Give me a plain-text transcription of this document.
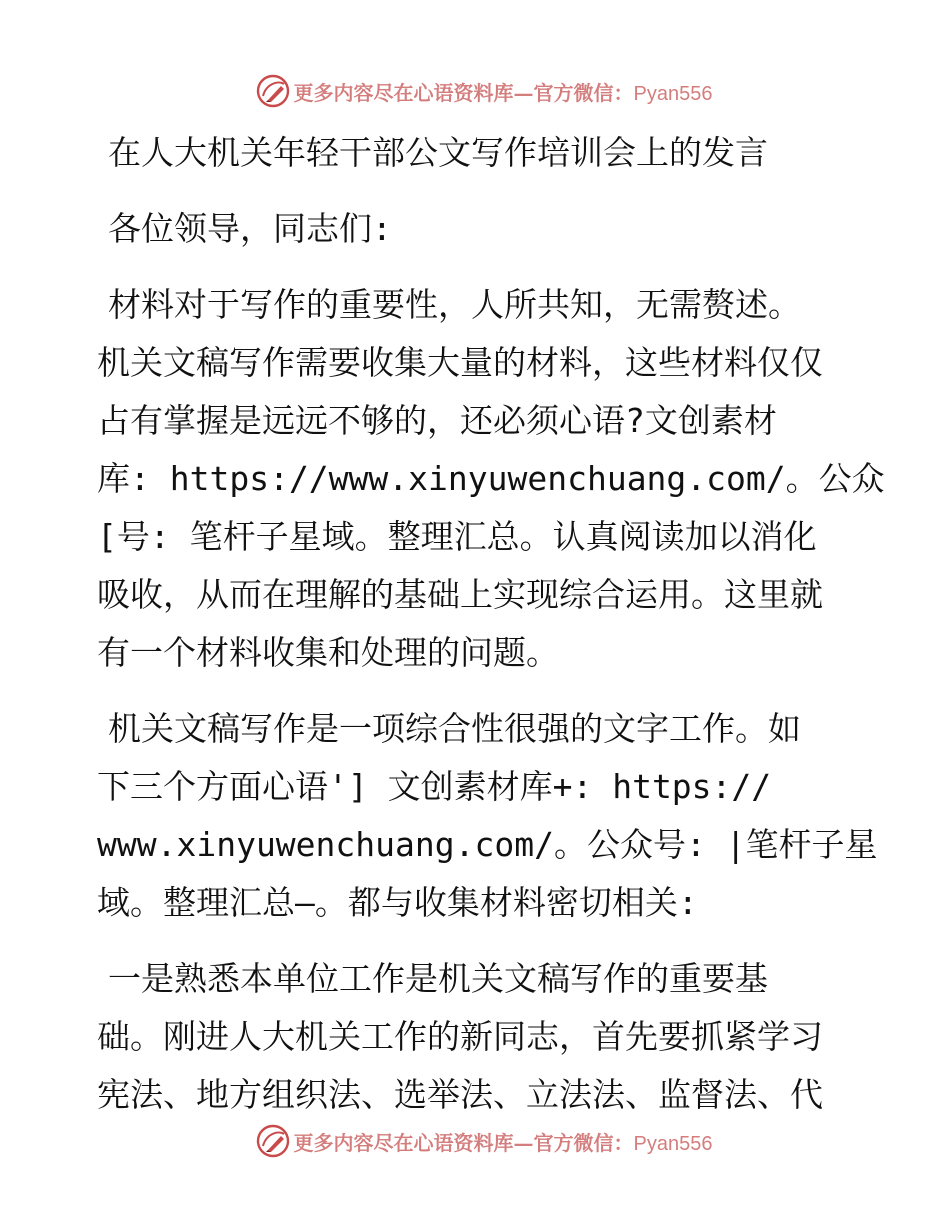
更多内容尽在心语资料库—官方微信：Pyan556
在人大机关年轻干部公文写作培训会上的发言
各位领导，同志们:
材料对于写作的重要性，人所共知，无需赘述。
机关文稿写作需要收集大量的材料，这些材料仅仅
占有掌握是远远不够的，还必须心语?文创素材
库: https://www.xinyuwenchuang.com/。公众
[号: 笔杆子星域。整理汇总。认真阅读加以消化
吸收，从而在理解的基础上实现综合运用。这里就
有一个材料收集和处理的问题。
机关文稿写作是一项综合性很强的文字工作。如
下三个方面心语'] 文创素材库+: https://
www.xinyuwenchuang.com/。公众号: |笔杆子星
域。整理汇总—。都与收集材料密切相关:
一是熟悉本单位工作是机关文稿写作的重要基
础。刚进人大机关工作的新同志，首先要抓紧学习
宪法、地方组织法、选举法、立法法、监督法、代
更多内容尽在心语资料库—官方微信：Pyan556
